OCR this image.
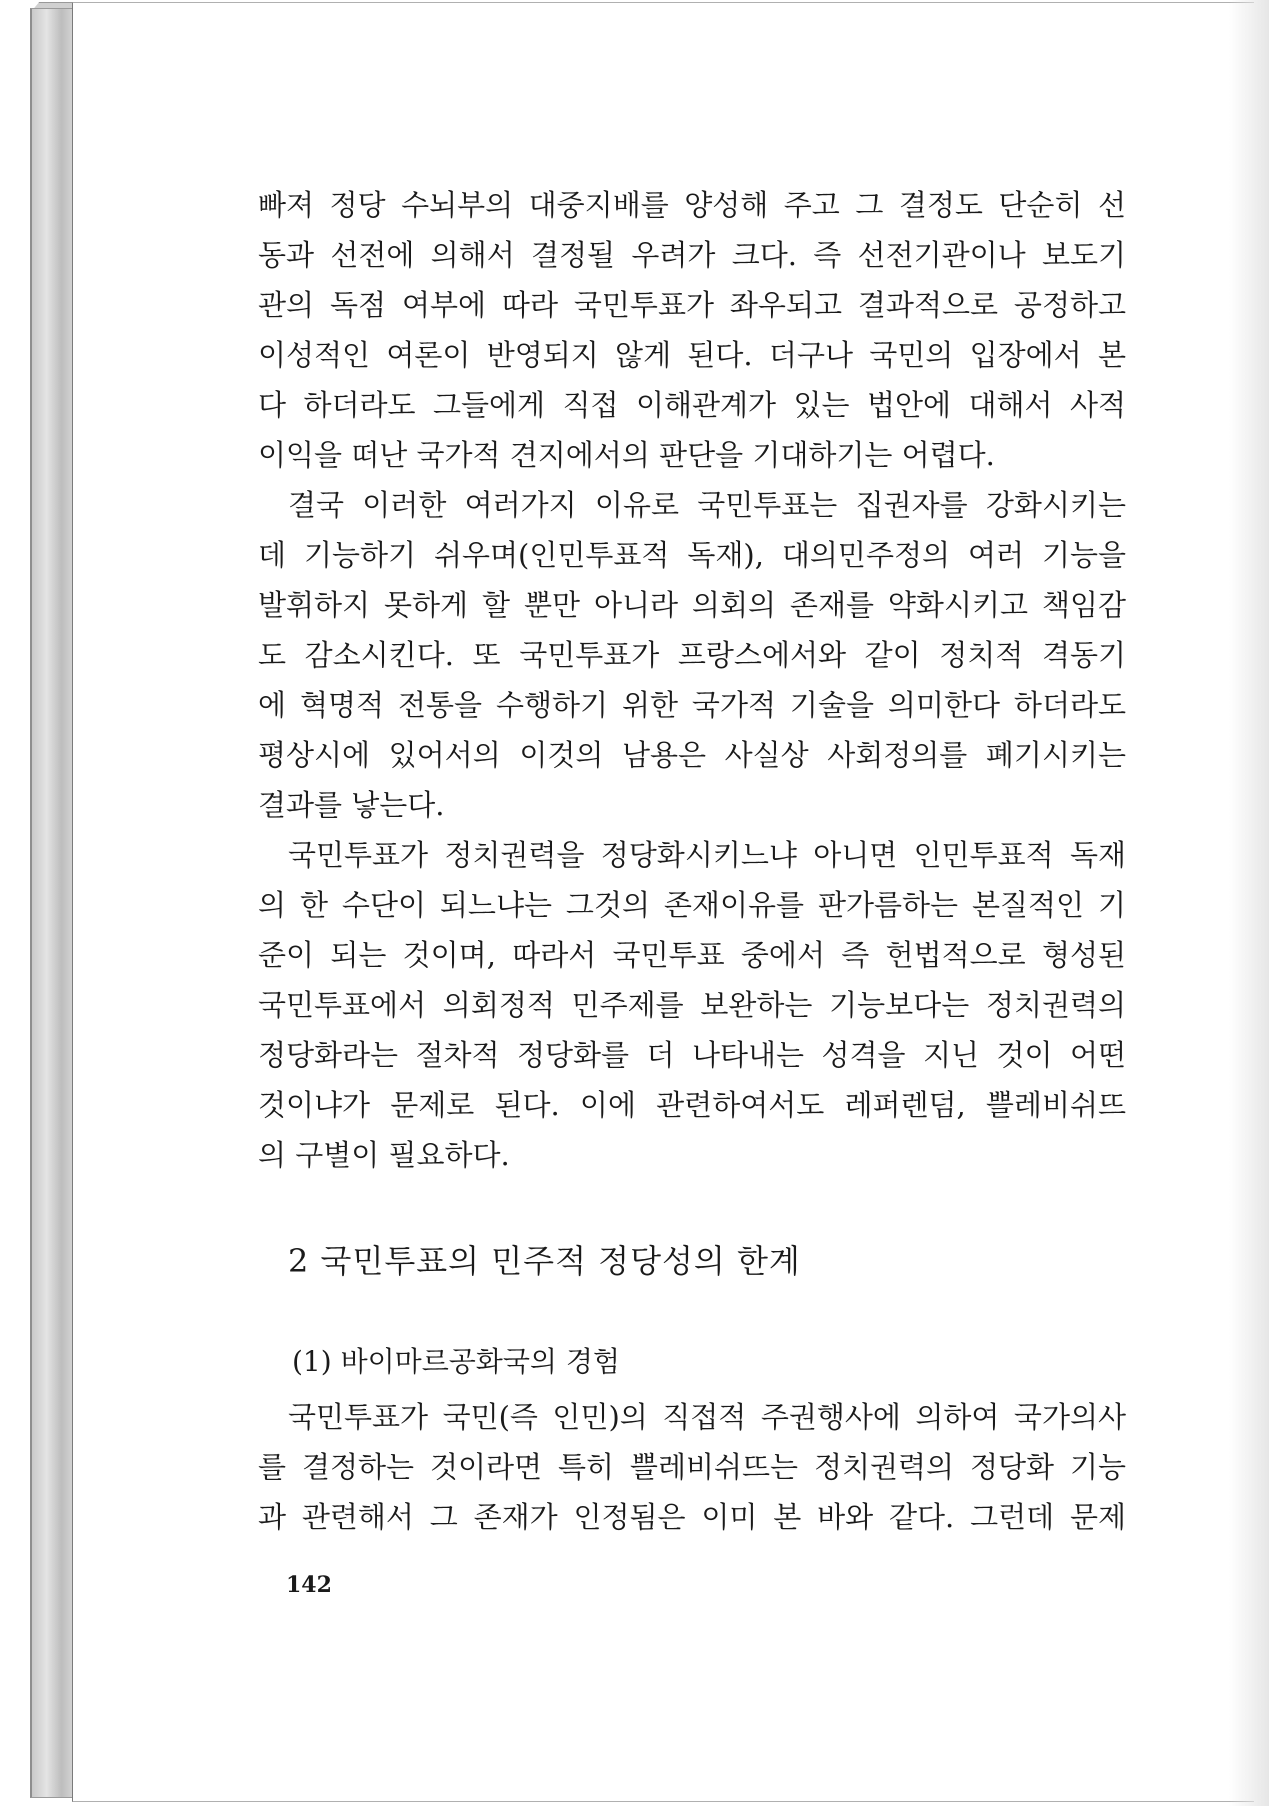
빠져 정당 수뇌부의 대중지배를 양성해 주고 그 결정도 단순히 선
동과 선전에 의해서 결정될 우려가 크다. 즉 선전기관이나 보도기
관의 독점 여부에 따라 국민투표가 좌우되고 결과적으로 공정하고
이성적인 여론이 반영되지 않게 된다. 더구나 국민의 입장에서 본
다 하더라도 그들에게 직접 이해관계가 있는 법안에 대해서 사적
이익을 떠난 국가적 견지에서의 판단을 기대하기는 어렵다.
결국 이러한 여러가지 이유로 국민투표는 집권자를 강화시키는
데 기능하기 쉬우며(인민투표적 독재), 대의민주정의 여러 기능을
발휘하지 못하게 할 뿐만 아니라 의회의 존재를 약화시키고 책임감
도 감소시킨다. 또 국민투표가 프랑스에서와 같이 정치적 격동기
에 혁명적 전통을 수행하기 위한 국가적 기술을 의미한다 하더라도
평상시에 있어서의 이것의 남용은 사실상 사회정의를 폐기시키는
결과를 낳는다.
국민투표가 정치권력을 정당화시키느냐 아니면 인민투표적 독재
의 한 수단이 되느냐는 그것의 존재이유를 판가름하는 본질적인 기
준이 되는 것이며, 따라서 국민투표 중에서 즉 헌법적으로 형성된
국민투표에서 의회정적 민주제를 보완하는 기능보다는 정치권력의
정당화라는 절차적 정당화를 더 나타내는 성격을 지닌 것이 어떤
것이냐가 문제로 된다. 이에 관련하여서도 레퍼렌덤, 쁠레비쉬뜨
의 구별이 필요하다.
2 국민투표의 민주적 정당성의 한계
(1) 바이마르공화국의 경험
국민투표가 국민(즉 인민)의 직접적 주권행사에 의하여 국가의사
를 결정하는 것이라면 특히 쁠레비쉬뜨는 정치권력의 정당화 기능
과 관련해서 그 존재가 인정됨은 이미 본 바와 같다. 그런데 문제
142
